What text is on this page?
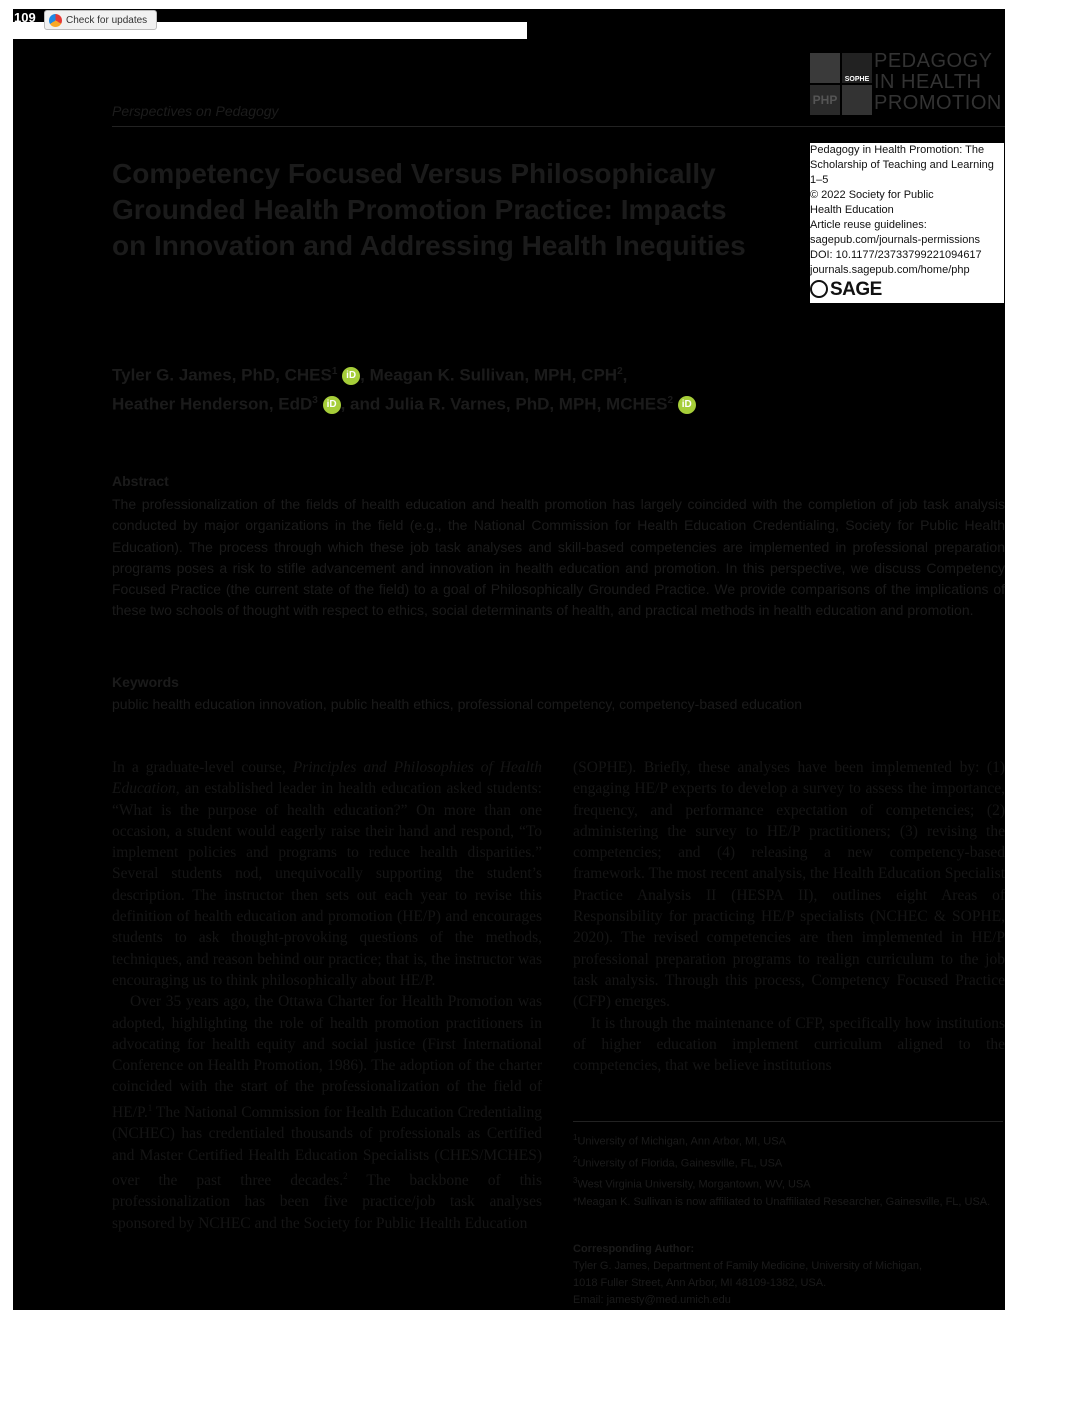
109	Check for updates
SOPHE
PHP
PEDAGOGY
IN HEALTH
PROMOTION
Perspectives on Pedagogy
Pedagogy in Health Promotion: The
Scholarship of Teaching and Learning
1–5
© 2022 Society for Public
Health Education
Article reuse guidelines:
sagepub.com/journals-permissions
DOI: 10.1177/23733799221094617
journals.sagepub.com/home/php
SAGE
Competency Focused Versus Philosophically Grounded Health Promotion Practice: Impacts on Innovation and Addressing Health Inequities
Tyler G. James, PhD, CHES$^1$ iD , Meagan K. Sullivan, MPH, CPH$^2$,
Heather Henderson, EdD$^3$ iD , and Julia R. Varnes, PhD, MPH, MCHES$^2$ iD
Abstract
The professionalization of the fields of health education and health promotion has largely coincided with the completion of job task analysis conducted by major organizations in the field (e.g., the National Commission for Health Education Credentialing, Society for Public Health Education). The process through which these job task analyses and skill-based competencies are implemented in professional preparation programs poses a risk to stifle advancement and innovation in health education and promotion. In this perspective, we discuss Competency Focused Practice (the current state of the field) to a goal of Philosophically Grounded Practice. We provide comparisons of the implications of these two schools of thought with respect to ethics, social determinants of health, and practical methods in health education and promotion.
Keywords
public health education innovation, public health ethics, professional competency, competency-based education

In a graduate-level course, Principles and Philosophies of Health Education, an established leader in health education asked students: “What is the purpose of health education?” On more than one occasion, a student would eagerly raise their hand and respond, “To implement policies and programs to reduce health disparities.” Several students nod, unequivocally supporting the student’s description. The instructor then sets out each year to revise this definition of health education and promotion (HE/P) and encourages students to ask thought-provoking questions of the methods, techniques, and reason behind our practice; that is, the instructor was encouraging us to think philosophically about HE/P.

Over 35 years ago, the Ottawa Charter for Health Promotion was adopted, highlighting the role of health promotion practitioners in advocating for health equity and social justice (First International Conference on Health Promotion, 1986). The adoption of the charter coincided with the start of the professionalization of the field of HE/P.$^1$ The National Commission for Health Education Credentialing (NCHEC) has credentialed thousands of professionals as Certified and Master Certified Health Education Specialists (CHES/MCHES) over the past three decades.$^2$ The backbone of this professionalization has been five practice/job task analyses sponsored by NCHEC and the Society for Public Health Education

(SOPHE). Briefly, these analyses have been implemented by: (1) engaging HE/P experts to develop a survey to assess the importance, frequency, and performance expectation of competencies; (2) administering the survey to HE/P practitioners; (3) revising the competencies; and (4) releasing a new competency-based framework. The most recent analysis, the Health Education Specialist Practice Analysis II (HESPA II), outlines eight Areas of Responsibility for practicing HE/P specialists (NCHEC & SOPHE, 2020). The revised competencies are then implemented in HE/P professional preparation programs to realign curriculum to the job task analysis. Through this process, Competency Focused Practice (CFP) emerges.

It is through the maintenance of CFP, specifically how institutions of higher education implement curriculum aligned to the competencies, that we believe institutions

$^1$University of Michigan, Ann Arbor, MI, USA
$^2$University of Florida, Gainesville, FL, USA
$^3$West Virginia University, Morgantown, WV, USA
*Meagan K. Sullivan is now affiliated to Unaffiliated Researcher, Gainesville, FL, USA.
Corresponding Author:
Tyler G. James, Department of Family Medicine, University of Michigan,
1018 Fuller Street, Ann Arbor, MI 48109-1382, USA.
Email: jamesty@med.umich.edu
